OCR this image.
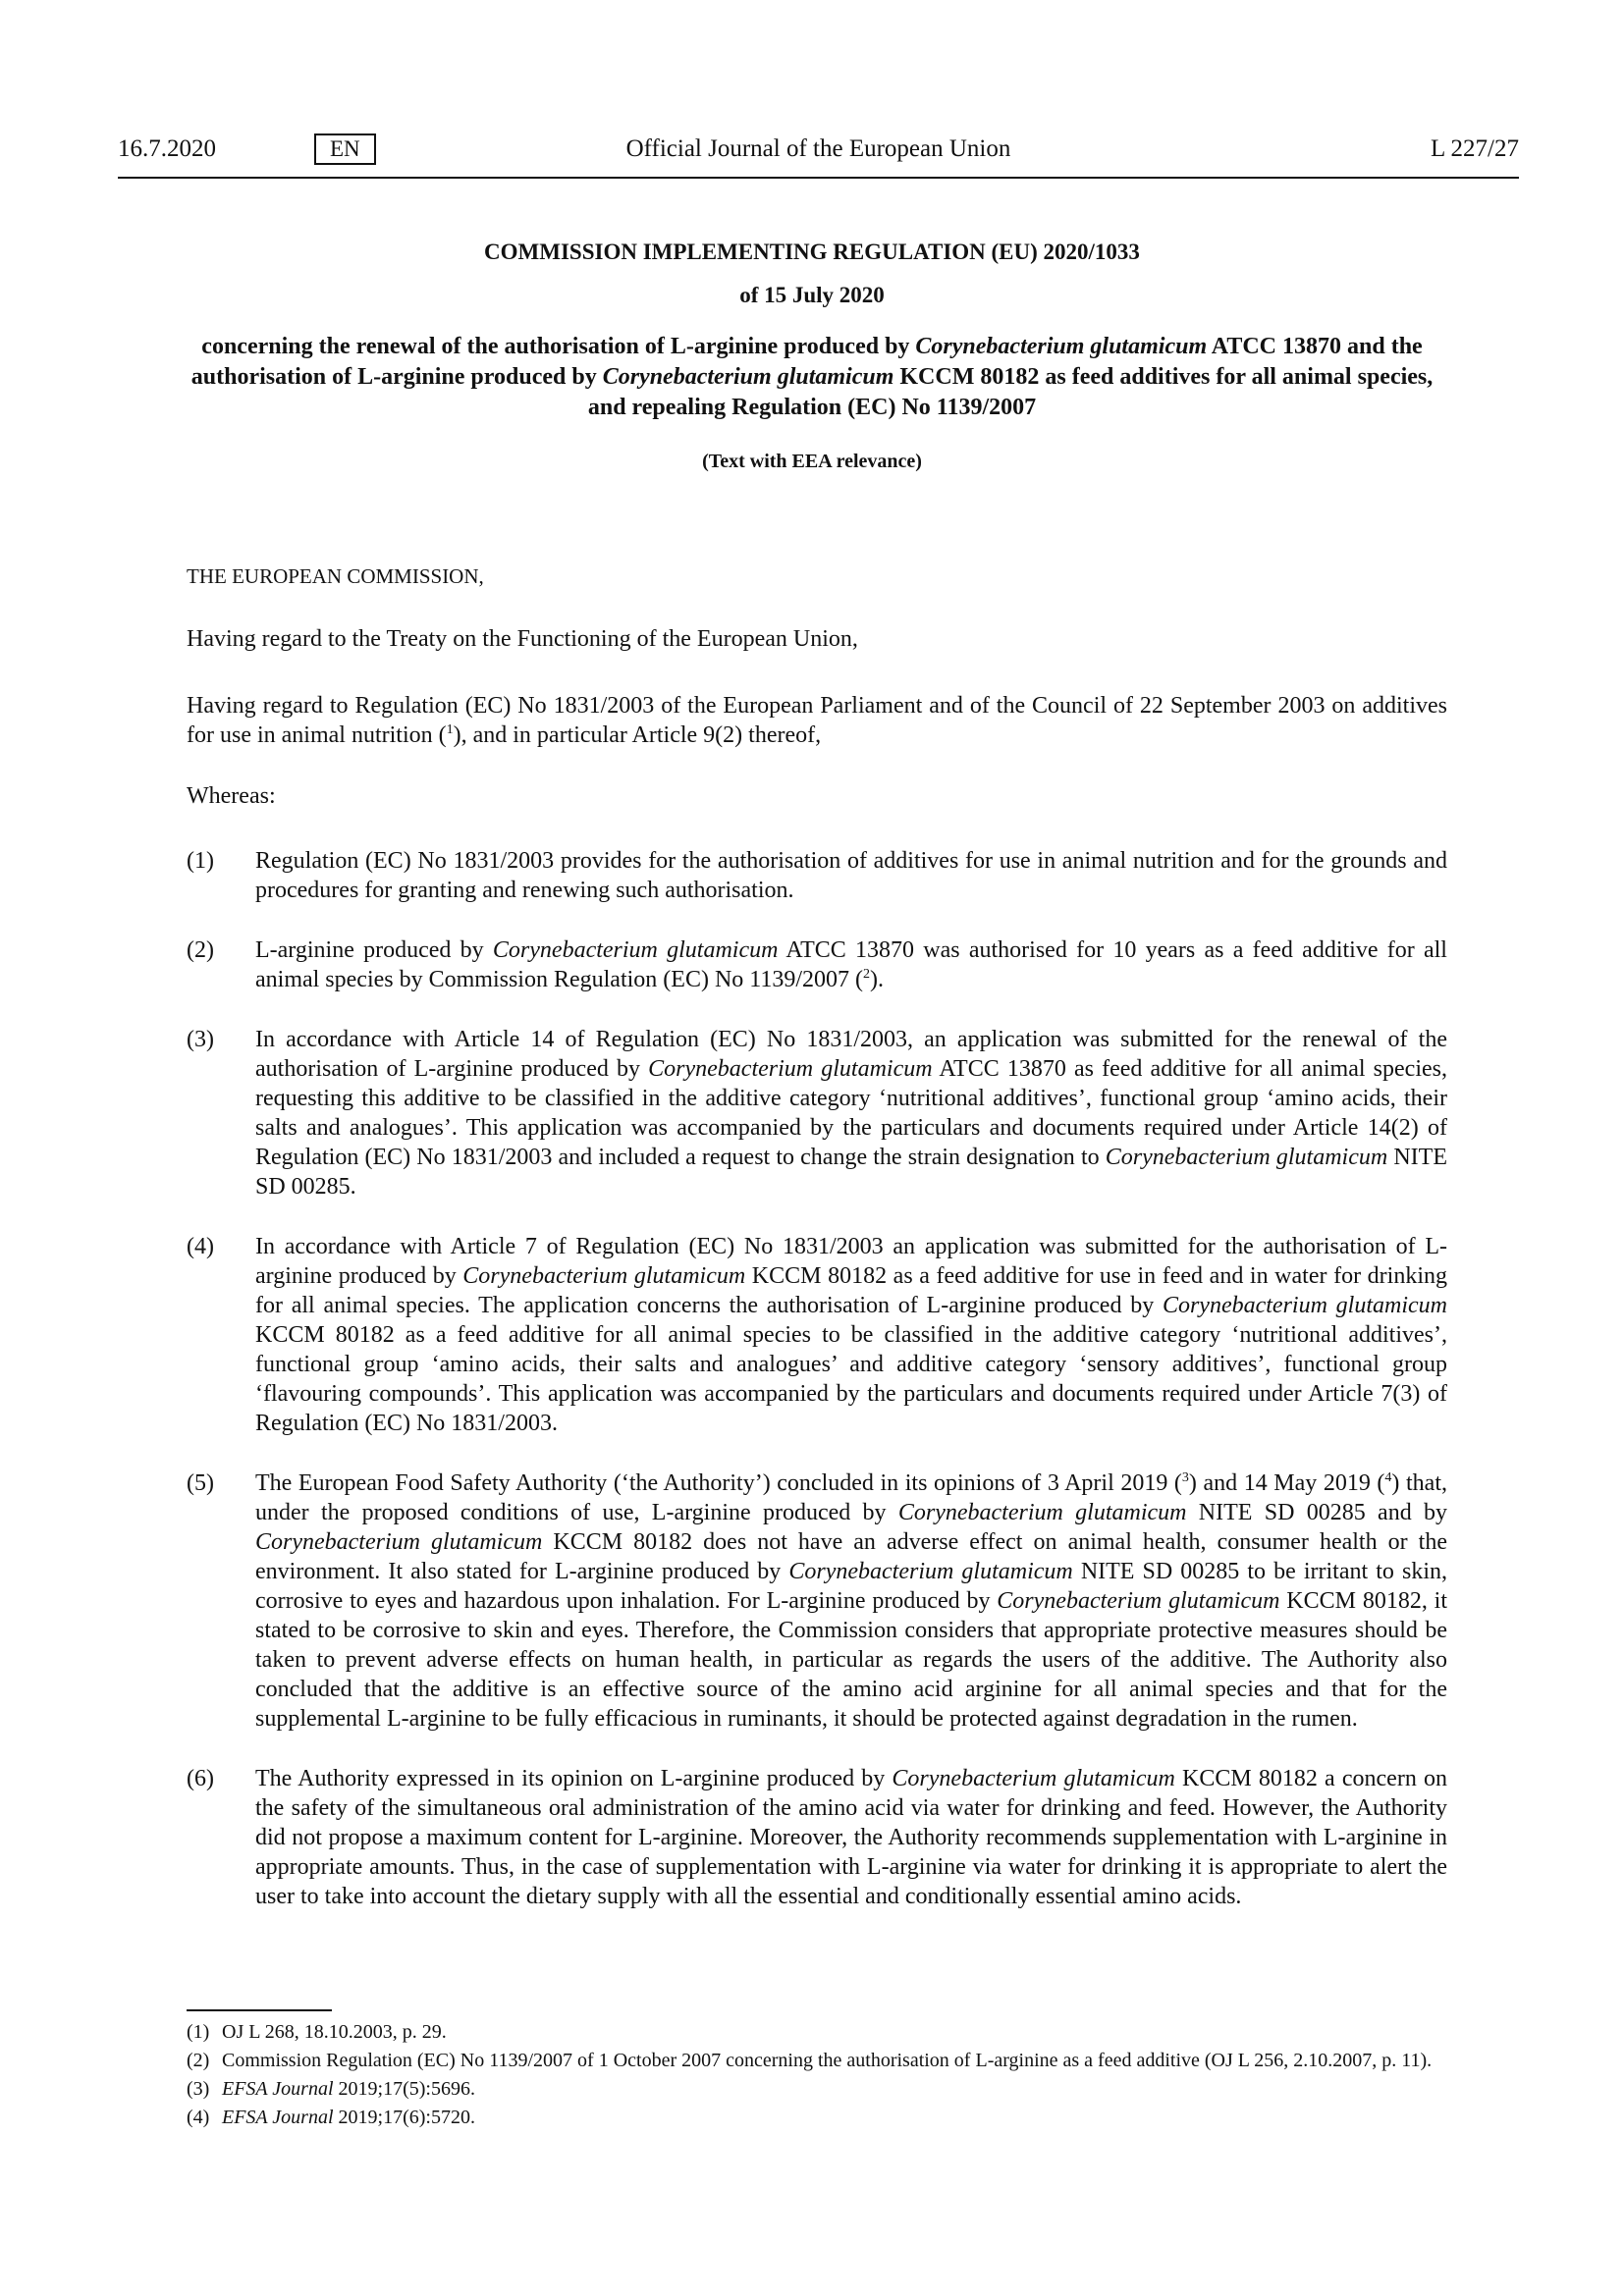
16.7.2020	EN	Official Journal of the European Union	L 227/27

COMMISSION IMPLEMENTING REGULATION (EU) 2020/1033

of 15 July 2020

concerning the renewal of the authorisation of L-arginine produced by Corynebacterium glutamicum ATCC 13870 and the authorisation of L-arginine produced by Corynebacterium glutamicum KCCM 80182 as feed additives for all animal species, and repealing Regulation (EC) No 1139/2007

(Text with EEA relevance)

THE EUROPEAN COMMISSION,

Having regard to the Treaty on the Functioning of the European Union,

Having regard to Regulation (EC) No 1831/2003 of the European Parliament and of the Council of 22 September 2003 on additives for use in animal nutrition ($^1$), and in particular Article 9(2) thereof,

Whereas:

(1) Regulation (EC) No 1831/2003 provides for the authorisation of additives for use in animal nutrition and for the grounds and procedures for granting and renewing such authorisation.
(2) L-arginine produced by Corynebacterium glutamicum ATCC 13870 was authorised for 10 years as a feed additive for all animal species by Commission Regulation (EC) No 1139/2007 ($^2$).
(3) In accordance with Article 14 of Regulation (EC) No 1831/2003, an application was submitted for the renewal of the authorisation of L-arginine produced by Corynebacterium glutamicum ATCC 13870 as feed additive for all animal species, requesting this additive to be classified in the additive category ‘nutritional additives’, functional group ‘amino acids, their salts and analogues’. This application was accompanied by the particulars and documents required under Article 14(2) of Regulation (EC) No 1831/2003 and included a request to change the strain designation to Corynebacterium glutamicum NITE SD 00285.
(4) In accordance with Article 7 of Regulation (EC) No 1831/2003 an application was submitted for the authorisation of L-arginine produced by Corynebacterium glutamicum KCCM 80182 as a feed additive for use in feed and in water for drinking for all animal species. The application concerns the authorisation of L-arginine produced by Corynebacterium glutamicum KCCM 80182 as a feed additive for all animal species to be classified in the additive category ‘nutritional additives’, functional group ‘amino acids, their salts and analogues’ and additive category ‘sensory additives’, functional group ‘flavouring compounds’. This application was accompanied by the particulars and documents required under Article 7(3) of Regulation (EC) No 1831/2003.
(5) The European Food Safety Authority (‘the Authority’) concluded in its opinions of 3 April 2019 ($^3$) and 14 May 2019 ($^4$) that, under the proposed conditions of use, L-arginine produced by Corynebacterium glutamicum NITE SD 00285 and by Corynebacterium glutamicum KCCM 80182 does not have an adverse effect on animal health, consumer health or the environment. It also stated for L-arginine produced by Corynebacterium glutamicum NITE SD 00285 to be irritant to skin, corrosive to eyes and hazardous upon inhalation. For L-arginine produced by Corynebacterium glutamicum KCCM 80182, it stated to be corrosive to skin and eyes. Therefore, the Commission considers that appropriate protective measures should be taken to prevent adverse effects on human health, in particular as regards the users of the additive. The Authority also concluded that the additive is an effective source of the amino acid arginine for all animal species and that for the supplemental L-arginine to be fully efficacious in ruminants, it should be protected against degradation in the rumen.
(6) The Authority expressed in its opinion on L-arginine produced by Corynebacterium glutamicum KCCM 80182 a concern on the safety of the simultaneous oral administration of the amino acid via water for drinking and feed. However, the Authority did not propose a maximum content for L-arginine. Moreover, the Authority recommends supplementation with L-arginine in appropriate amounts. Thus, in the case of supplementation with L-arginine via water for drinking it is appropriate to alert the user to take into account the dietary supply with all the essential and conditionally essential amino acids.
(1) OJ L 268, 18.10.2003, p. 29.
(2) Commission Regulation (EC) No 1139/2007 of 1 October 2007 concerning the authorisation of L-arginine as a feed additive (OJ L 256, 2.10.2007, p. 11).
(3) EFSA Journal 2019;17(5):5696.
(4) EFSA Journal 2019;17(6):5720.
